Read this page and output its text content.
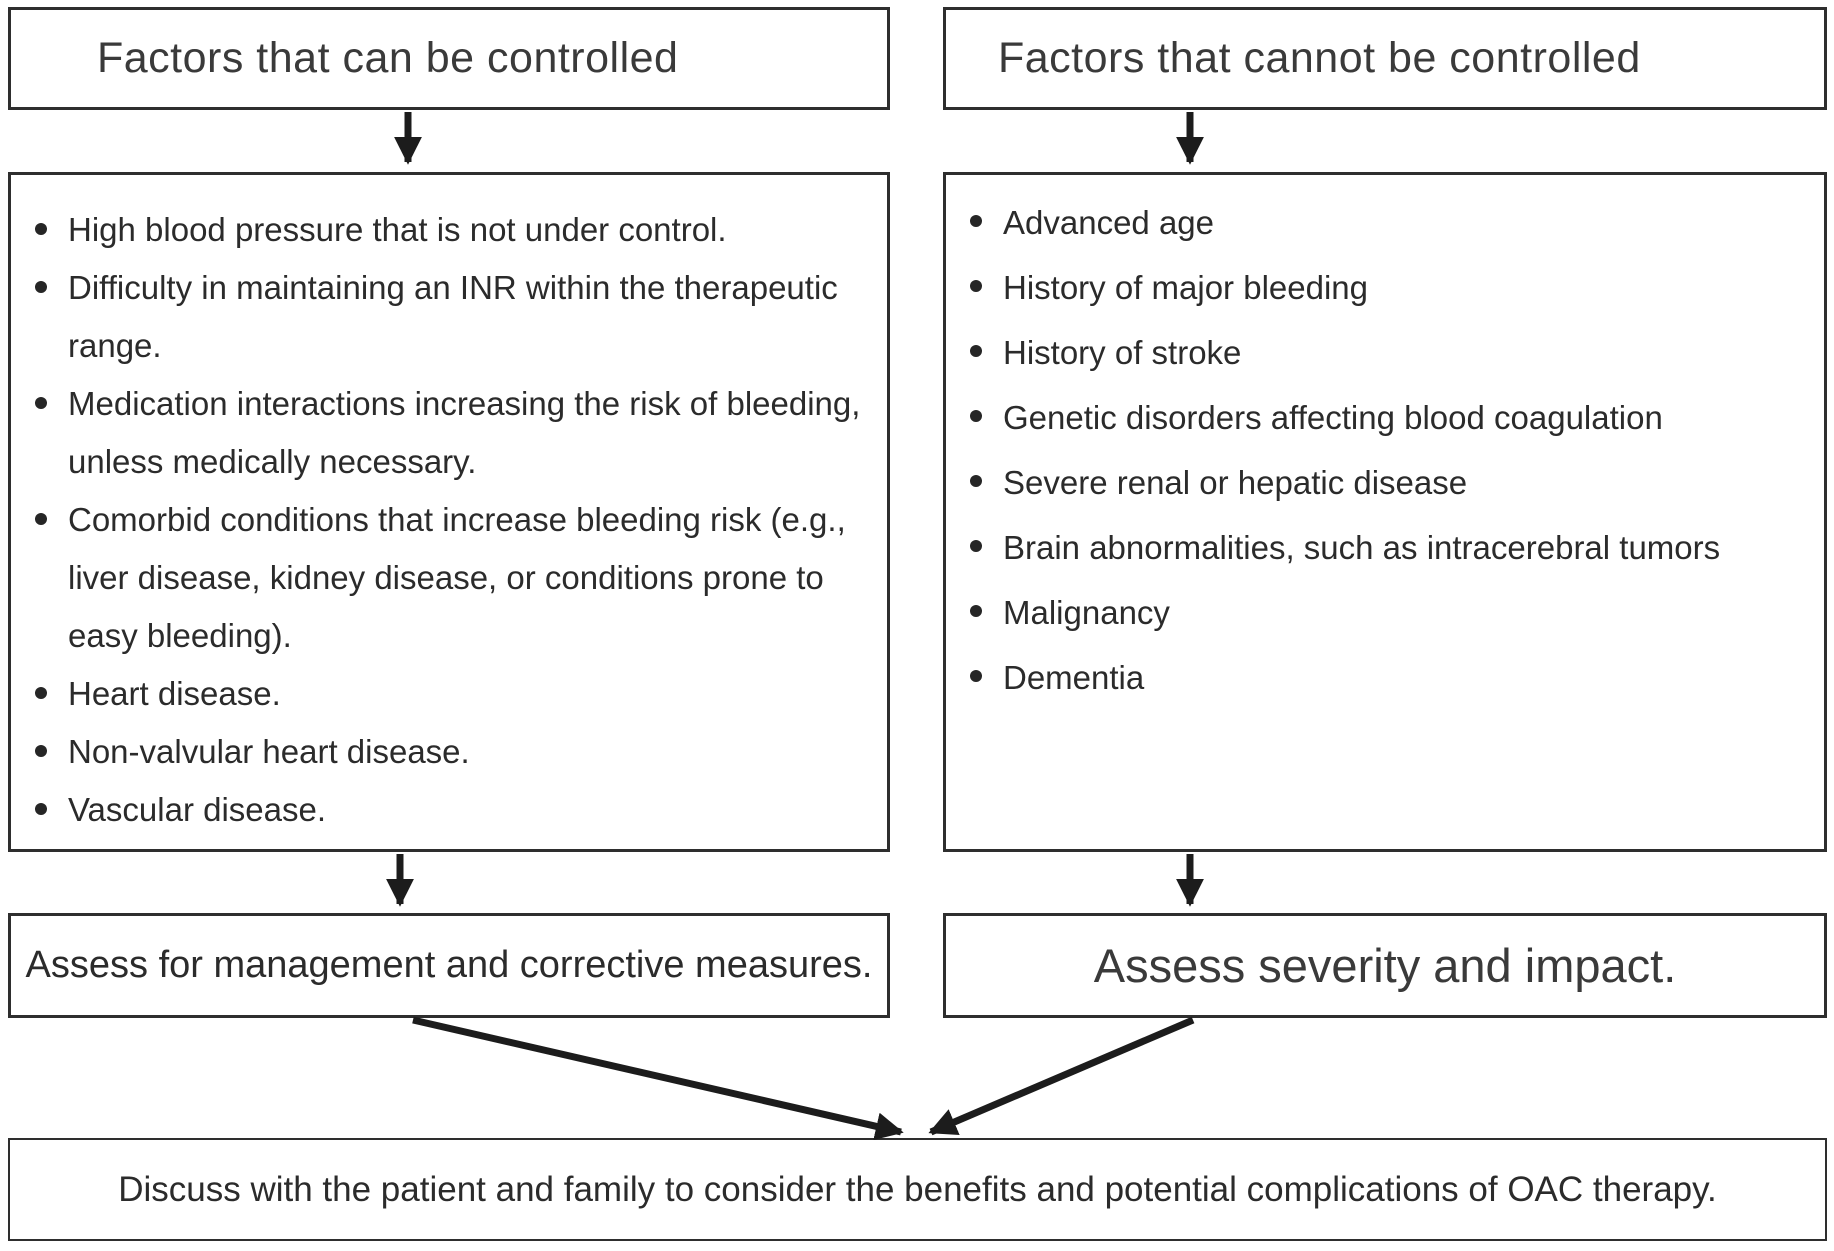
Factors that can be controlled	Factors that cannot be controlled
High blood pressure that is not under control.
Difficulty in maintaining an INR within the therapeutic
range.
Medication interactions increasing the risk of bleeding,
unless medically necessary.
Comorbid conditions that increase bleeding risk (e.g.,
liver disease, kidney disease, or conditions prone to
easy bleeding).
Heart disease.
Non-valvular heart disease.
Vascular disease.
Advanced age
History of major bleeding
History of stroke
Genetic disorders affecting blood coagulation
Severe renal or hepatic disease
Brain abnormalities, such as intracerebral tumors
Malignancy
Dementia
Assess for management and corrective measures.	Assess severity and impact.
Discuss with the patient and family to consider the benefits and potential complications of OAC therapy.
